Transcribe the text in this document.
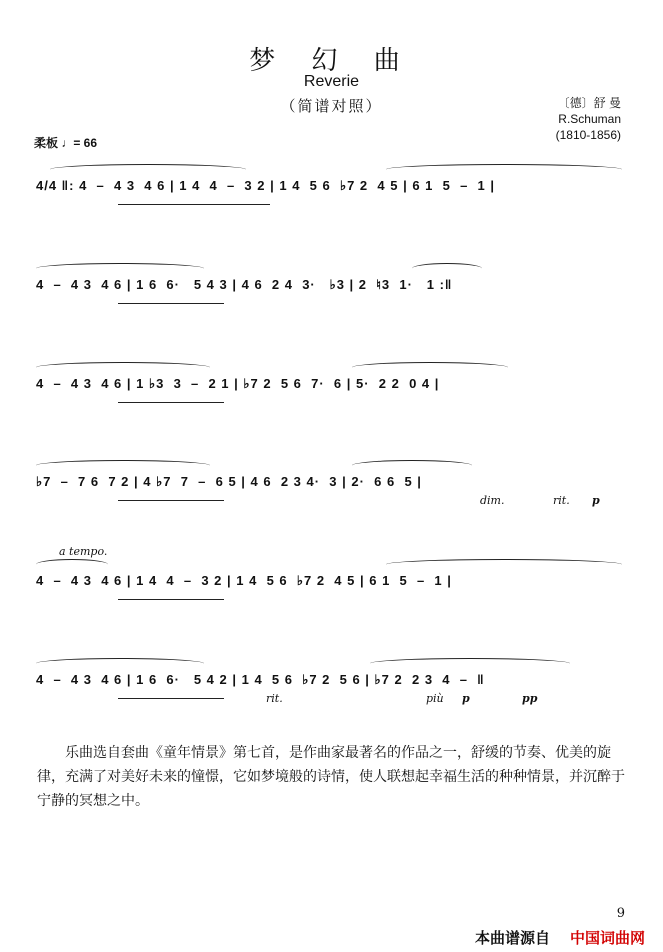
梦 幻 曲
Reverie
（简谱对照）	〔德〕舒 曼
R.Schuman
(1810-1856)
柔板 ♩= 66
4/4 ‖: 4  –  4 3  4 6 | 1 4  4  –  3 2 | 1 4  5 6  ♭7 2  4 5 | 6 1  5  –  1 |
4  –  4 3  4 6 | 1 6  6·   5 4 3 | 4 6  2 4  3·   ♭3 | 2  ♮3  1·   1 :‖
4  –  4 3  4 6 | 1 ♭3  3  –  2 1 | ♭7 2  5 6  7·  6 | 5·  2 2  0 4 |
♭7  –  7 6  7 2 | 4 ♭7  7  –  6 5 | 4 6  2 3 4·  3 | 2·  6 6  5 |
dim.	rit. p
a tempo.
4  –  4 3  4 6 | 1 4  4  –  3 2 | 1 4  5 6  ♭7 2  4 5 | 6 1  5  –  1 |
4  –  4 3  4 6 | 1 6  6·   5 4 2 | 1 4  5 6  ♭7 2  5 6 | ♭7 2  2 3  4  –  ‖
rit.	più p	pp
乐曲选自套曲《童年情景》第七首，是作曲家最著名的作品之一，舒缓的节奏、优美的旋律，充满了对美好未来的憧憬，它如梦境般的诗情，使人联想起幸福生活的种种情景，并沉醉于宁静的冥想之中。
9
本曲谱源自 中国词曲网
